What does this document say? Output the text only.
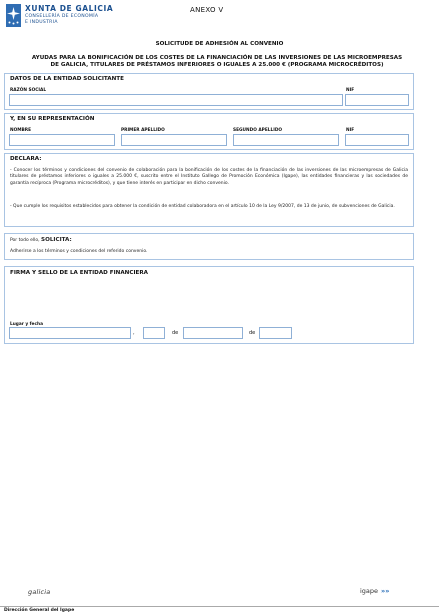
XUNTA DE GALICIA
CONSELLERÍA DE ECONOMÍA
E INDUSTRIA
ANEXO V
SOLICITUDE DE ADHESIÓN AL CONVENIO
AYUDAS PARA LA BONIFICACIÓN DE LOS COSTES DE LA FINANCIACIÓN DE LAS INVERSIONES DE LAS MICROEMPRESAS DE GALICIA, TITULARES DE PRÉSTAMOS INFERIORES O IGUALES A 25.000 € (PROGRAMA MICROCRÉDITOS)
DATOS DE LA ENTIDAD SOLICITANTE
RAZÓN SOCIAL	NIF
Y, EN SU REPRESENTACIÓN
NOMBRE	PRIMER APELLIDO	SEGUNDO APELLIDO	NIF
DECLARA:
- Conocer los términos y condiciones del convenio de colaboración para la bonificación de los costes de la financiación de las inversiones de las microempresas de Galicia titulares de préstamos inferiores o iguales a 25.000 €, suscrito entre el Instituto Gallego de Promoción Económica (Igape), las entidades financieras y las sociedades de garantía recíproca (Programa microcréditos), y que tiene interés en participar en dicho convenio.
- Que cumple los requisitos establecidos para obtener la condición de entidad colaboradora en el artículo 10 de la Ley 9/2007, de 13 de junio, de subvenciones de Galicia.
Por todo ello, SOLICITA:
Adherirse a los términos y condiciones del referido convenio.
FIRMA Y SELLO DE LA ENTIDAD FINANCIERA
Lugar y fecha
,	de	de
galicia	igape »»
Dirección General del Igape
